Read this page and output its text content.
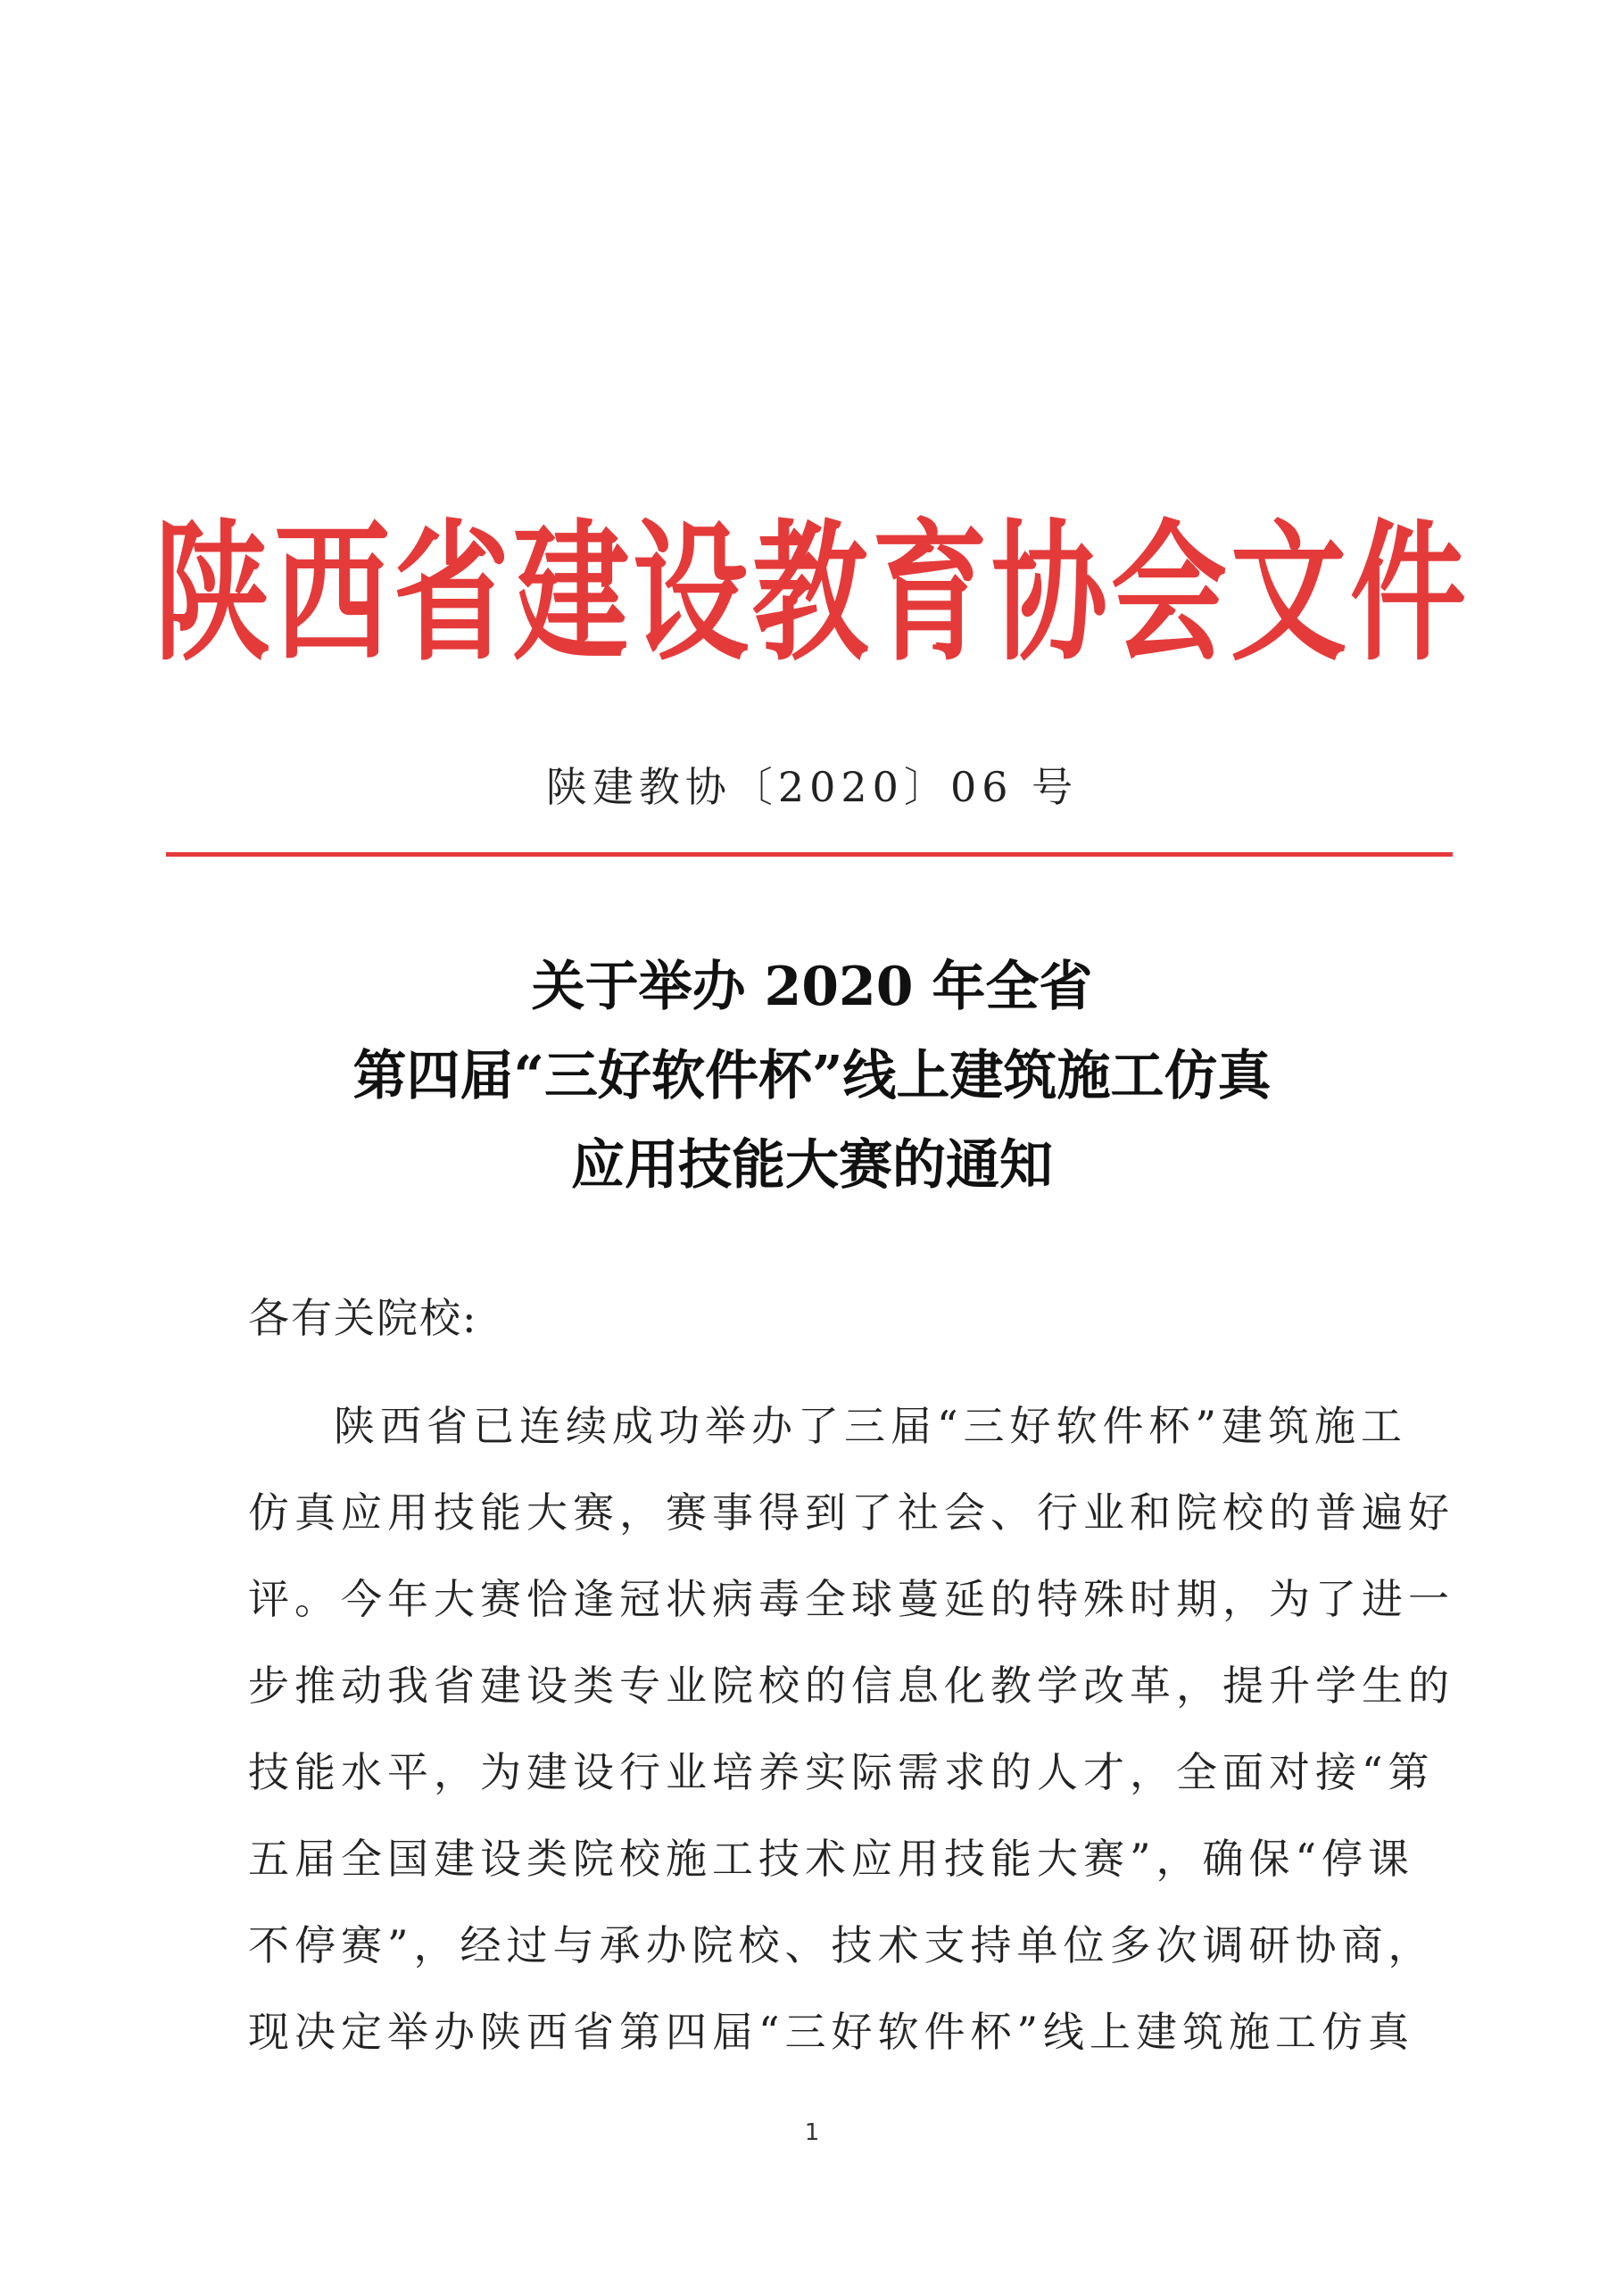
陕西省建设教育协会文件
陕建教协〔2020〕06 号
关于举办 2020 年全省
第四届“三好软件杯”线上建筑施工仿真
应用技能大赛的通知
各有关院校:
陕西省已连续成功举办了三届“三好软件杯”建筑施工
仿真应用技能大赛，赛事得到了社会、行业和院校的普遍好
评。今年大赛恰逢冠状病毒全球蔓延的特殊时期，为了进一
步推动我省建设类专业院校的信息化教学改革，提升学生的
技能水平，为建设行业培养实际需求的人才，全面对接“第
五届全国建设类院校施工技术应用技能大赛”，确保“停课
不停赛”，经过与承办院校、技术支持单位多次调研协商，
现决定举办陕西省第四届“三好软件杯”线上建筑施工仿真
1
